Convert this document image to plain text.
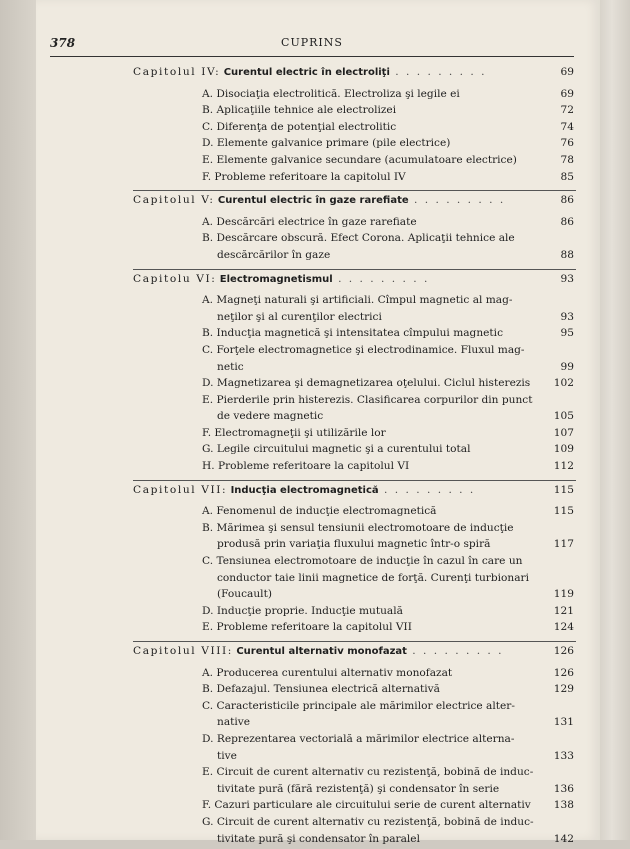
CUPRINS
378
Capitolul IV: Curentul electric în electroliţi . . . . . . . . .	69
A. Disociaţia electrolitică. Electroliza şi legile ei	69
B. Aplicaţiile tehnice ale electrolizei	72
C. Diferenţa de potenţial electrolitic	74
D. Elemente galvanice primare (pile electrice)	76
E. Elemente galvanice secundare (acumulatoare electrice)	78
F. Probleme referitoare la capitolul IV	85
Capitolul V: Curentul electric în gaze rarefiate . . . . . . . . .	86
A. Descărcări electrice în gaze rarefiate	86
B. Descărcare obscură. Efect Corona. Aplicaţii tehnice ale
descărcărilor în gaze	88
Capitolu VI: Electromagnetismul . . . . . . . . .	93
A. Magneţi naturali şi artificiali. Cîmpul magnetic al mag-
neţilor şi al curenţilor electrici	93
B. Inducţia magnetică şi intensitatea cîmpului magnetic	95
C. Forţele electromagnetice şi electrodinamice. Fluxul mag-
netic	99
D. Magnetizarea şi demagnetizarea oţelului. Ciclul histerezis 102
E. Pierderile prin histerezis. Clasificarea corpurilor din punct
de vedere magnetic	105
F. Electromagneţii şi utilizările lor	107
G. Legile circuitului magnetic şi a curentului total	109
H. Probleme referitoare la capitolul VI	112
Capitolul VII: Inducţia electromagnetică . . . . . . . . .	115
A. Fenomenul de inducţie electromagnetică	115
B. Mărimea şi sensul tensiunii electromotoare de inducţie
produsă prin variaţia fluxului magnetic într-o spiră	117
C. Tensiunea electromotoare de inducţie în cazul în care un
conductor taie linii magnetice de forţă. Curenţi turbionari
(Foucault)	119
D. Inducţie proprie. Inducţie mutuală	121
E. Probleme referitoare la capitolul VII	124
Capitolul VIII: Curentul alternativ monofazat . . . . . . . . .	126
A. Producerea curentului alternativ monofazat	126
B. Defazajul. Tensiunea electrică alternativă	129
C. Caracteristicile principale ale mărimilor electrice alter-
native	131
D. Reprezentarea vectorială a mărimilor electrice alterna-
tive	133
E. Circuit de curent alternativ cu rezistenţă, bobină de induc-
tivitate pură (fără rezistenţă) şi condensator în serie	136
F. Cazuri particulare ale circuitului serie de curent alternativ 138
G. Circuit de curent alternativ cu rezistenţă, bobină de induc-
tivitate pură şi condensator în paralel	142
